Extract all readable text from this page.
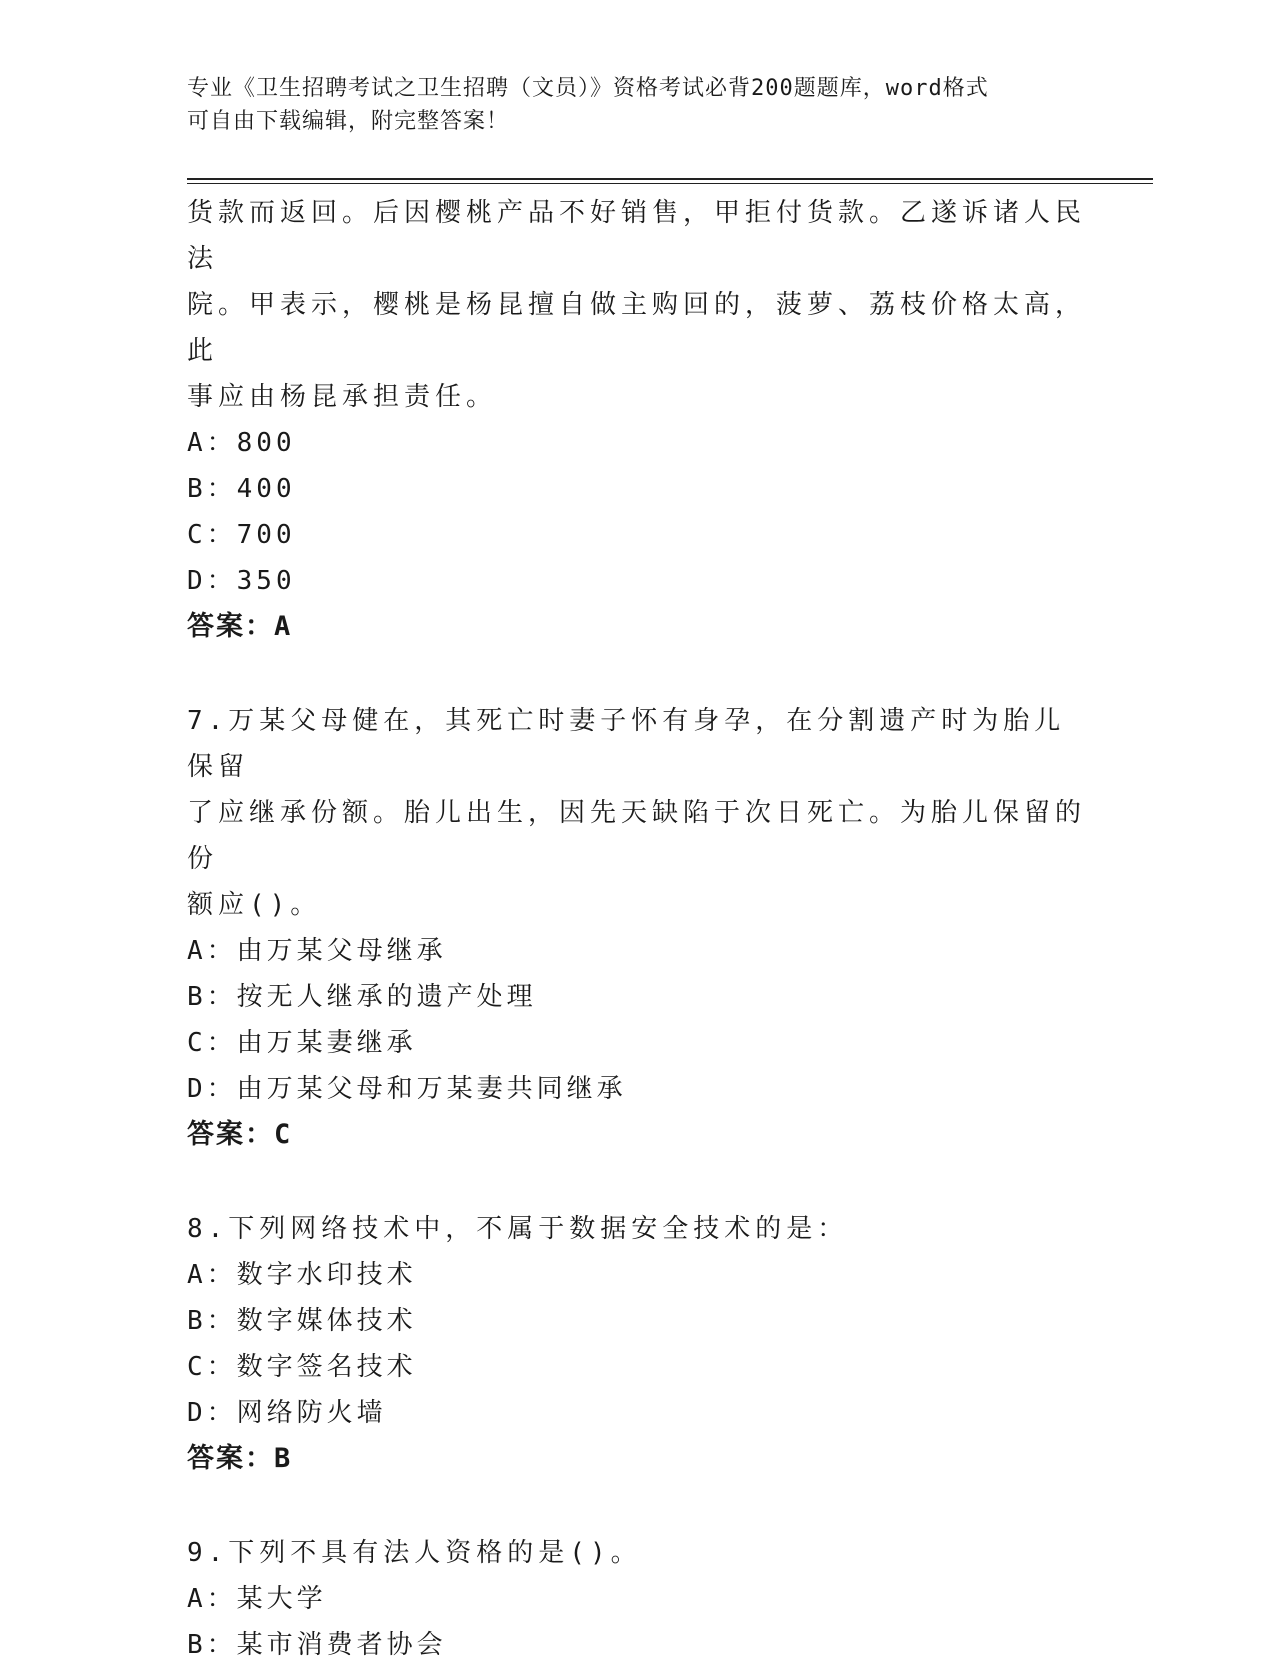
专业《卫生招聘考试之卫生招聘（文员）》资格考试必背200题题库，word格式
可自由下载编辑，附完整答案！

货款而返回。后因樱桃产品不好销售，甲拒付货款。乙遂诉诸人民法

院。甲表示，樱桃是杨昆擅自做主购回的，菠萝、荔枝价格太高，此

事应由杨昆承担责任。

A：800

B：400

C：700

D：350

答案：A

7.万某父母健在，其死亡时妻子怀有身孕，在分割遗产时为胎儿保留

了应继承份额。胎儿出生，因先天缺陷于次日死亡。为胎儿保留的份

额应()。

A：由万某父母继承

B：按无人继承的遗产处理

C：由万某妻继承

D：由万某父母和万某妻共同继承

答案：C

8.下列网络技术中，不属于数据安全技术的是：

A：数字水印技术

B：数字媒体技术

C：数字签名技术

D：网络防火墙

答案：B

9.下列不具有法人资格的是()。

A：某大学

B：某市消费者协会
